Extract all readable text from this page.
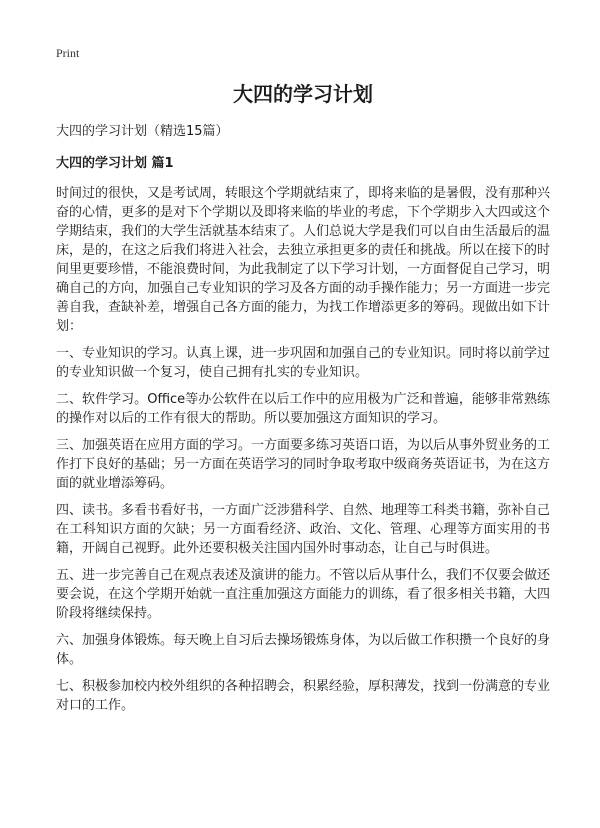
Print
大四的学习计划
大四的学习计划（精选15篇）
大四的学习计划 篇1

时间过的很快，又是考试周，转眼这个学期就结束了，即将来临的是暑假，没有那种兴奋的心情，更多的是对下个学期以及即将来临的毕业的考虑，下个学期步入大四或这个学期结束，我们的大学生活就基本结束了。人们总说大学是我们可以自由生活最后的温床，是的，在这之后我们将进入社会，去独立承担更多的责任和挑战。所以在接下的时间里更要珍惜，不能浪费时间，为此我制定了以下学习计划，一方面督促自己学习，明确自己的方向，加强自己专业知识的学习及各方面的动手操作能力；另一方面进一步完善自我，查缺补差，增强自己各方面的能力，为找工作增添更多的筹码。现做出如下计划：

一、专业知识的学习。认真上课，进一步巩固和加强自己的专业知识。同时将以前学过的专业知识做一个复习，使自己拥有扎实的专业知识。

二、软件学习。Office等办公软件在以后工作中的应用极为广泛和普遍，能够非常熟练的操作对以后的工作有很大的帮助。所以要加强这方面知识的学习。

三、加强英语在应用方面的学习。一方面要多练习英语口语，为以后从事外贸业务的工作打下良好的基础；另一方面在英语学习的同时争取考取中级商务英语证书，为在这方面的就业增添筹码。

四、读书。多看书看好书，一方面广泛涉猎科学、自然、地理等工科类书籍，弥补自己在工科知识方面的欠缺；另一方面看经济、政治、文化、管理、心理等方面实用的书籍，开阔自己视野。此外还要积极关注国内国外时事动态，让自己与时俱进。

五、进一步完善自己在观点表述及演讲的能力。不管以后从事什么，我们不仅要会做还要会说，在这个学期开始就一直注重加强这方面能力的训练，看了很多相关书籍，大四阶段将继续保持。

六、加强身体锻炼。每天晚上自习后去操场锻炼身体，为以后做工作积攒一个良好的身体。

七、积极参加校内校外组织的各种招聘会，积累经验，厚积薄发，找到一份满意的专业对口的工作。
